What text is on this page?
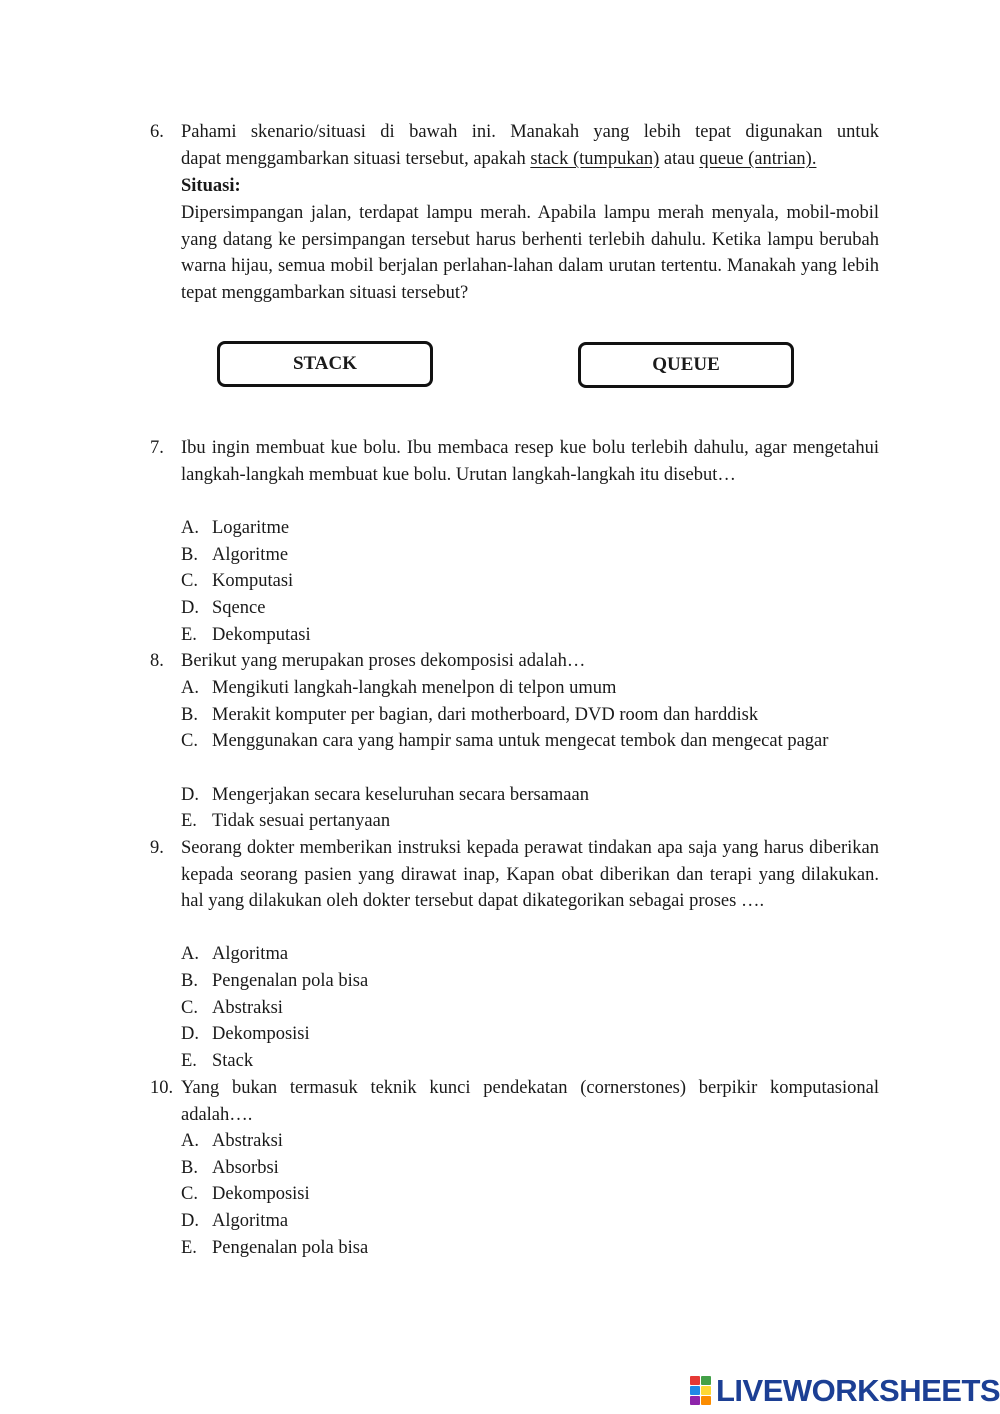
6. Pahami skenario/situasi di bawah ini. Manakah yang lebih tepat digunakan untuk
dapat menggambarkan situasi tersebut, apakah stack (tumpukan) atau queue (antrian).
Situasi:
Dipersimpangan jalan, terdapat lampu merah. Apabila lampu merah menyala, mobil-mobil yang datang ke persimpangan tersebut harus berhenti terlebih dahulu. Ketika lampu berubah warna hijau, semua mobil berjalan perlahan-lahan dalam urutan tertentu. Manakah yang lebih tepat menggambarkan situasi tersebut?
STACK	QUEUE
7. Ibu ingin membuat kue bolu. Ibu membaca resep kue bolu terlebih dahulu, agar mengetahui langkah-langkah membuat kue bolu. Urutan langkah-langkah itu disebut…
A. Logaritme
B. Algoritme
C. Komputasi
D. Sqence
E. Dekomputasi
8. Berikut yang merupakan proses dekomposisi adalah…
A. Mengikuti langkah-langkah menelpon di telpon umum
B. Merakit komputer per bagian, dari motherboard, DVD room dan harddisk
C. Menggunakan cara yang hampir sama untuk mengecat tembok dan mengecat pagar
D. Mengerjakan secara keseluruhan secara bersamaan
E. Tidak sesuai pertanyaan
9. Seorang dokter memberikan instruksi kepada perawat tindakan apa saja yang harus diberikan kepada seorang pasien yang dirawat inap, Kapan obat diberikan dan terapi yang dilakukan. hal yang dilakukan oleh dokter tersebut dapat dikategorikan sebagai proses ….
A. Algoritma
B. Pengenalan pola bisa
C. Abstraksi
D. Dekomposisi
E. Stack
10. Yang bukan termasuk teknik kunci pendekatan (cornerstones) berpikir komputasional adalah….
A. Abstraksi
B. Absorbsi
C. Dekomposisi
D. Algoritma
E. Pengenalan pola bisa
LIVEWORKSHEETS
